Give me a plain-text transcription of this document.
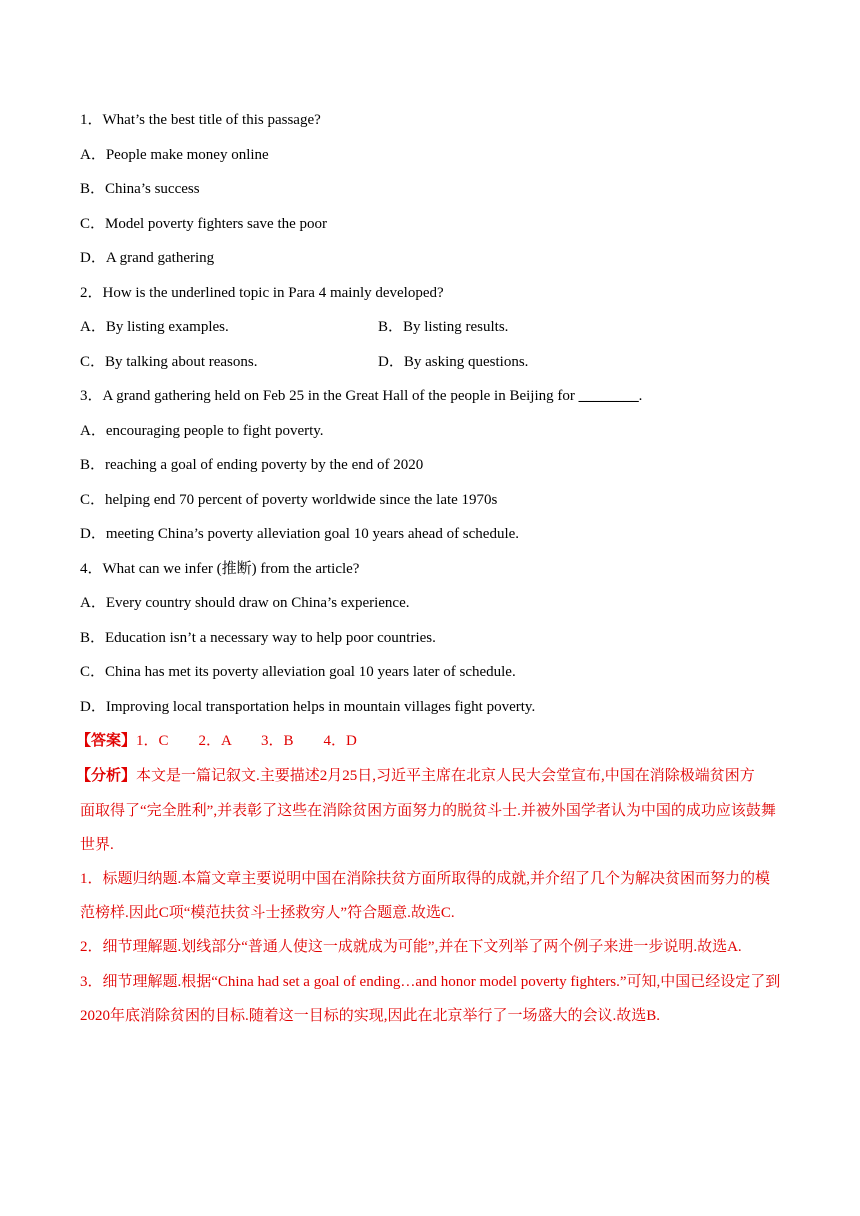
1．What’s the best title of this passage?
A．People make money online
B．China’s success
C．Model poverty fighters save the poor
D．A grand gathering
2．How is the underlined topic in Para 4 mainly developed?
A．By listing examples.	B．By listing results.
C．By talking about reasons.	D．By asking questions.
3．A grand gathering held on Feb 25 in the Great Hall of the people in Beijing for ________.
A．encouraging people to fight poverty.
B．reaching a goal of ending poverty by the end of 2020
C．helping end 70 percent of poverty worldwide since the late 1970s
D．meeting China’s poverty alleviation goal 10 years ahead of schedule.
4．What can we infer (推断) from the article?
A．Every country should draw on China’s experience.
B．Education isn’t a necessary way to help poor countries.
C．China has met its poverty alleviation goal 10 years later of schedule.
D．Improving local transportation helps in mountain villages fight poverty.
【答案】1．C　　2．A　　3．B　　4．D
【分析】本文是一篇记叙文.主要描述2月25日,习近平主席在北京人民大会堂宣布,中国在消除极端贫困方
面取得了“完全胜利”,并表彰了这些在消除贫困方面努力的脱贫斗士.并被外国学者认为中国的成功应该鼓舞
世界.
1．标题归纳题.本篇文章主要说明中国在消除扶贫方面所取得的成就,并介绍了几个为解决贫困而努力的模
范榜样.因此C项“模范扶贫斗士拯救穷人”符合题意.故选C.
2．细节理解题.划线部分“普通人使这一成就成为可能”,并在下文列举了两个例子来进一步说明.故选A.
3．细节理解题.根据“China had set a goal of ending…and honor model poverty fighters.”可知,中国已经设定了到
2020年底消除贫困的目标.随着这一目标的实现,因此在北京举行了一场盛大的会议.故选B.
